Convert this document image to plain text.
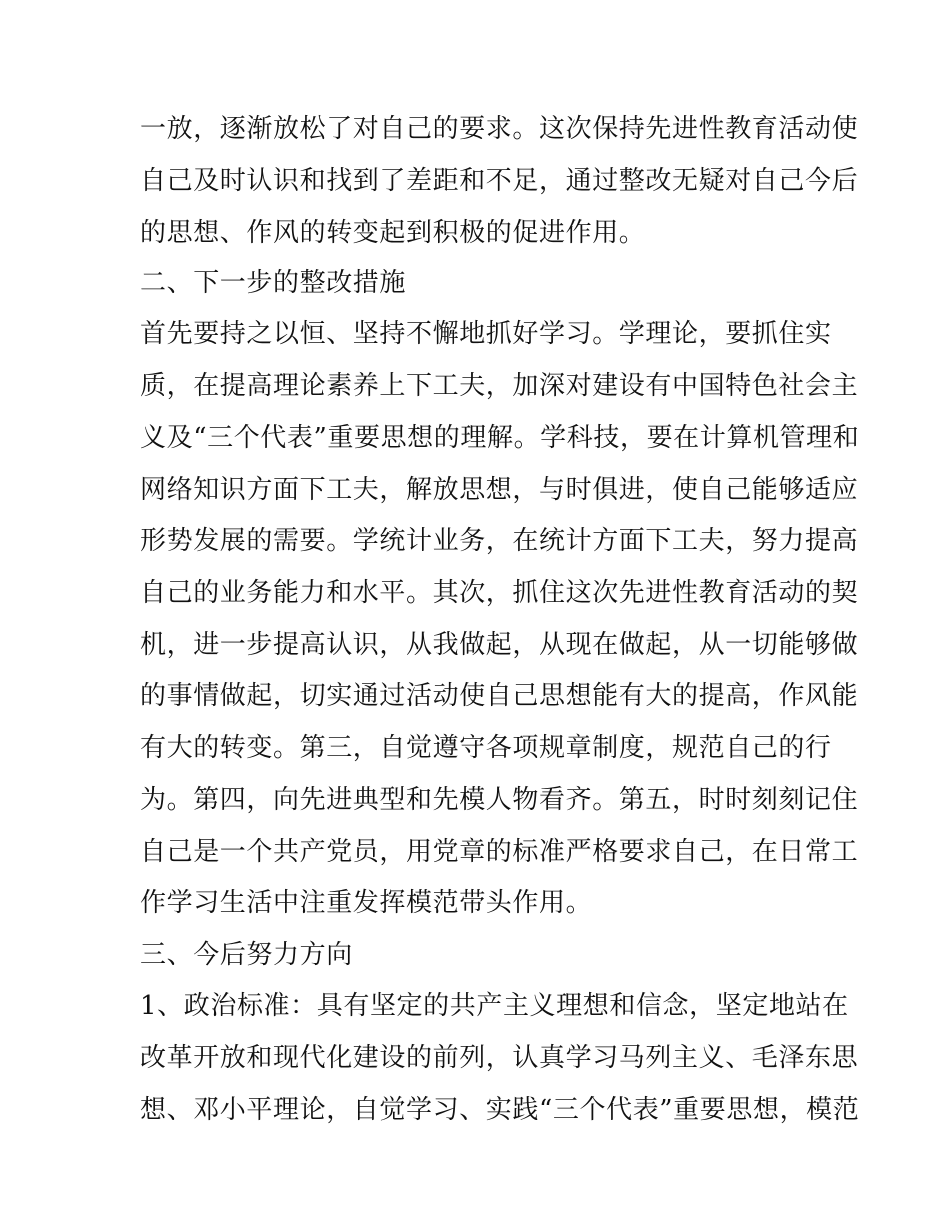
一放，逐渐放松了对自己的要求。这次保持先进性教育活动使
自己及时认识和找到了差距和不足，通过整改无疑对自己今后
的思想、作风的转变起到积极的促进作用。
二、下一步的整改措施
首先要持之以恒、坚持不懈地抓好学习。学理论，要抓住实
质，在提高理论素养上下工夫，加深对建设有中国特色社会主
义及“三个代表”重要思想的理解。学科技，要在计算机管理和
网络知识方面下工夫，解放思想，与时俱进，使自己能够适应
形势发展的需要。学统计业务，在统计方面下工夫，努力提高
自己的业务能力和水平。其次，抓住这次先进性教育活动的契
机，进一步提高认识，从我做起，从现在做起，从一切能够做
的事情做起，切实通过活动使自己思想能有大的提高，作风能
有大的转变。第三，自觉遵守各项规章制度，规范自己的行
为。第四，向先进典型和先模人物看齐。第五，时时刻刻记住
自己是一个共产党员，用党章的标准严格要求自己，在日常工
作学习生活中注重发挥模范带头作用。
三、今后努力方向
1、政治标准：具有坚定的共产主义理想和信念，坚定地站在
改革开放和现代化建设的前列，认真学习马列主义、毛泽东思
想、邓小平理论，自觉学习、实践“三个代表”重要思想，模范
